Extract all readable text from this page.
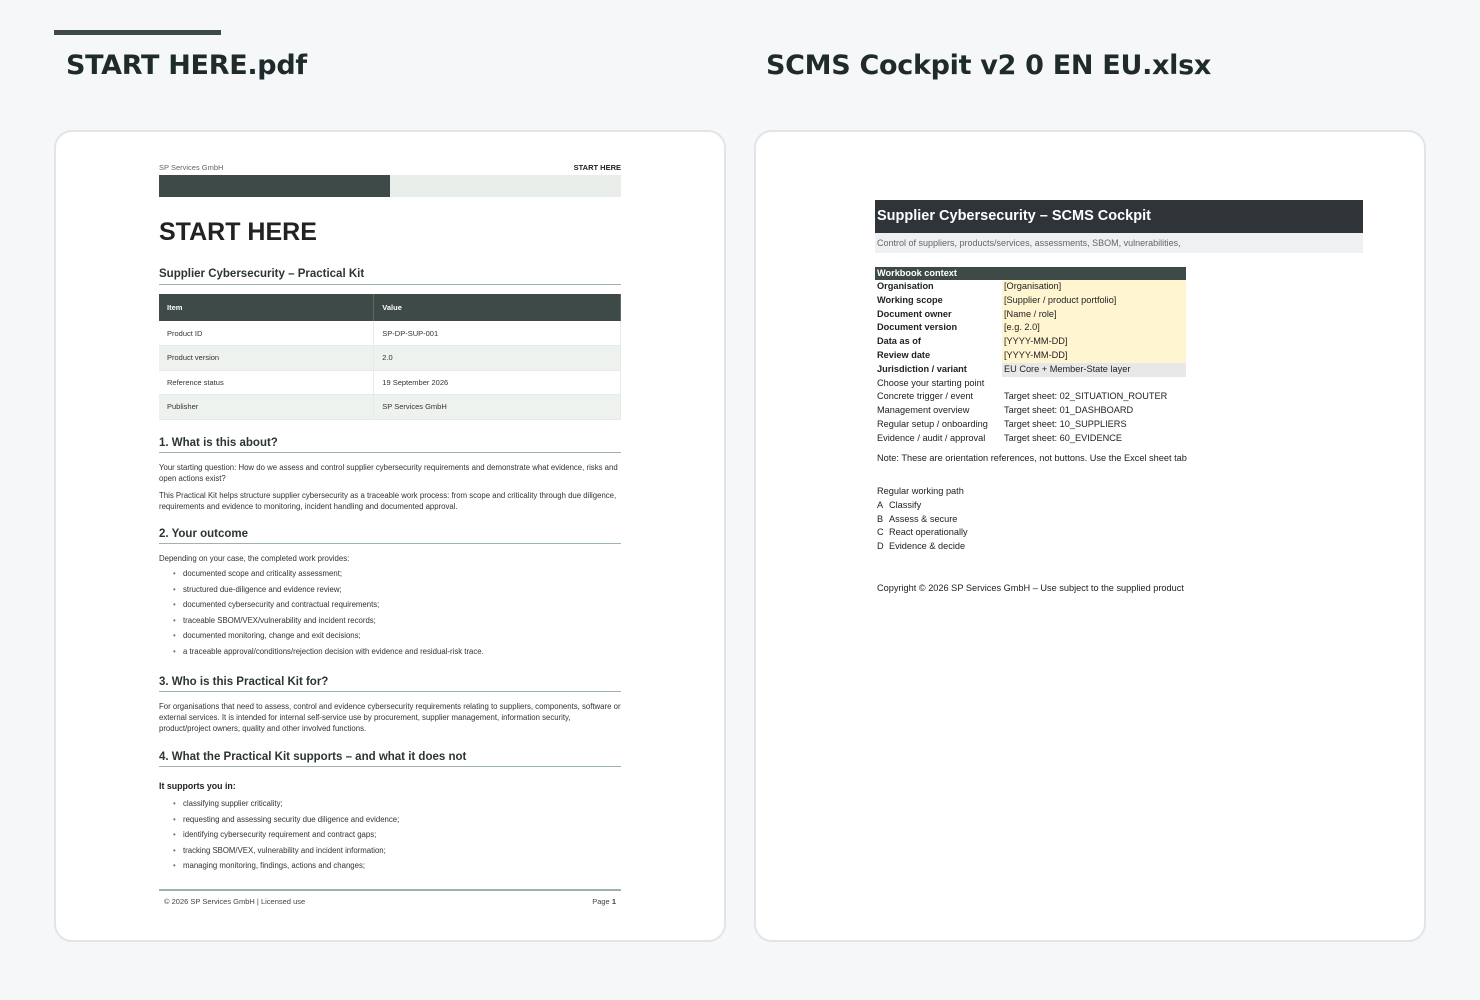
START HERE.pdf	SCMS Cockpit v2 0 EN EU.xlsx
SP Services GmbH	START HERE
START HERE
Supplier Cybersecurity – Practical Kit
Item	Value
Product ID	SP-DP-SUP-001
Product version	2.0
Reference status	19 September 2026
Publisher	SP Services GmbH
1. What is this about?
Your starting question: How do we assess and control supplier cybersecurity requirements and demonstrate what evidence, risks and open actions exist?
This Practical Kit helps structure supplier cybersecurity as a traceable work process: from scope and criticality through due diligence, requirements and evidence to monitoring, incident handling and documented approval.
2. Your outcome
Depending on your case, the completed work provides:
• documented scope and criticality assessment;
• structured due-diligence and evidence review;
• documented cybersecurity and contractual requirements;
• traceable SBOM/VEX/vulnerability and incident records;
• documented monitoring, change and exit decisions;
• a traceable approval/conditions/rejection decision with evidence and residual-risk trace.
3. Who is this Practical Kit for?
For organisations that need to assess, control and evidence cybersecurity requirements relating to suppliers, components, software or external services. It is intended for internal self-service use by procurement, supplier management, information security, product/project owners, quality and other involved functions.
4. What the Practical Kit supports – and what it does not
It supports you in:
• classifying supplier criticality;
• requesting and assessing security due diligence and evidence;
• identifying cybersecurity requirement and contract gaps;
• tracking SBOM/VEX, vulnerability and incident information;
• managing monitoring, findings, actions and changes;
© 2026 SP Services GmbH | Licensed use	Page 1
Supplier Cybersecurity – SCMS Cockpit
Control of suppliers, products/services, assessments, SBOM, vulnerabilities,
Workbook context
Organisation	[Organisation]
Working scope	[Supplier / product portfolio]
Document owner	[Name / role]
Document version	[e.g. 2.0]
Data as of	[YYYY-MM-DD]
Review date	[YYYY-MM-DD]
Jurisdiction / variant	EU Core + Member-State layer
Choose your starting point
Concrete trigger / event	Target sheet: 02_SITUATION_ROUTER
Management overview	Target sheet: 01_DASHBOARD
Regular setup / onboarding Target sheet: 10_SUPPLIERS
Evidence / audit / approval Target sheet: 60_EVIDENCE
Note: These are orientation references, not buttons. Use the Excel sheet tab
Regular working path
A Classify
B Assess & secure
C React operationally
D Evidence & decide
Copyright © 2026 SP Services GmbH – Use subject to the supplied product
